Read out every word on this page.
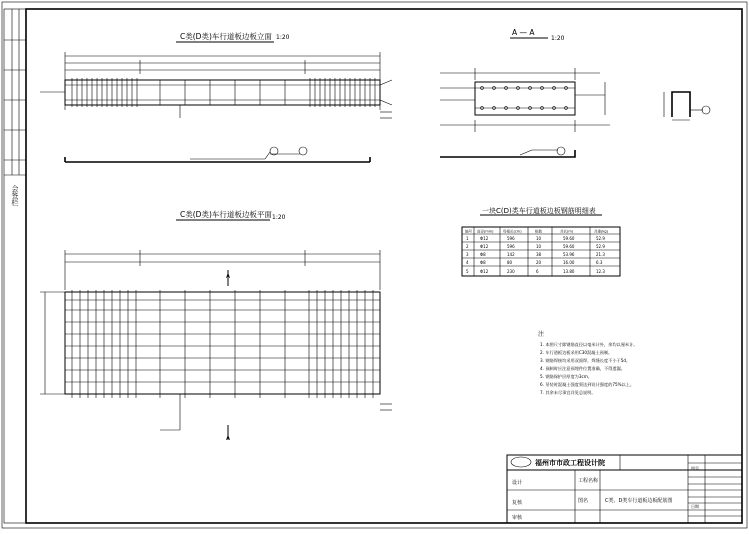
会签栏
C类(D类)车行道板边板立面 1:20
A — A
1:20
C类(D类)车行道板边板平面 1:20
A
A
一块C(D)类车行道板边板钢筋明细表
编号 直径(mm)	每根长(cm)	根数	共长(m)	共重(kg)
1	Φ12	596	10	59.60	52.9
2	Φ12	596	10	59.60	52.9
3	Φ8	142	38	53.96	21.3
4	Φ8	80	20	16.00	6.3
5	Φ12	230	6	13.80	12.3
注
1. 本图尺寸除钢筋直径以毫米计外，余均以厘米计。
2. 车行道板边板采用C30混凝土预制。
3. 钢筋焊接均采用双面焊，焊缝长度不小于5d。
4. 预制时应注意预埋件位置准确，不得遗漏。
5. 钢筋保护层厚度为3cm。
6. 吊装时混凝土强度须达到设计强度的75%以上。
7. 其余未尽事宜详见总说明。
福州市市政工程设计院
工程名称
图名	C类、D类车行道板边板配筋图
设计
复核
审核
图号
日期
